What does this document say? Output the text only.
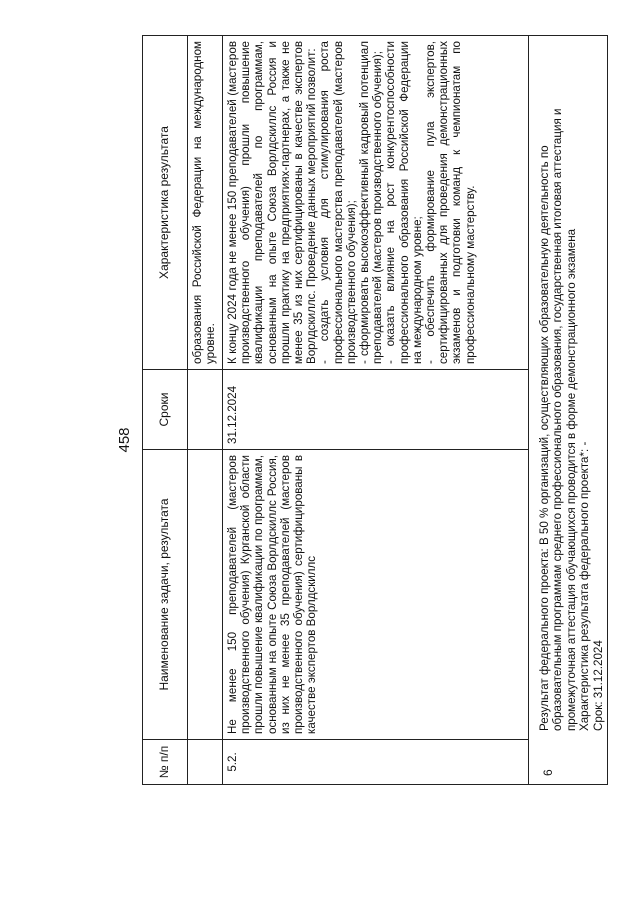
458
№ п/п
Наименование задачи, результата
Сроки
Характеристика результата	образования Российской Федерации на международном уровне.
5.2.
Не менее 150 преподавателей (мастеров производственного обучения) Курганской области прошли повышение квалификации по программам, основанным на опыте Союза Ворлдскиллс Россия, из них не менее 35 преподавателей (мастеров производственного обучения) сертифицированы в качестве экспертов Ворлдскиллс
31.12.2024
К концу 2024 года не менее 150 преподавателей (мастеров производственного обучения) прошли повышение квалификации преподавателей по программам, основанным на опыте Союза Ворлдскиллс Россия и прошли практику на предприятиях-партнерах, а также не менее 35 из них сертифицированы в качестве экспертов Ворлдскиллс. Проведение данных мероприятий позволит: - создать условия для стимулирования роста профессионального мастерства преподавателей (мастеров производственного обучения); - сформировать высокоэффективный кадровый потенциал преподавателей (мастеров производственного обучения); - оказать влияние на рост конкурентоспособности профессионального образования Российской Федерации на международном уровне; - обеспечить формирование пула экспертов, сертифицированных для проведения демонстрационных экзаменов и подготовки команд к чемпионатам по профессиональному мастерству.
6
Результат федерального проекта: В 50 % организаций, осуществляющих образовательную деятельность по образовательным программам среднего профессионального образования, государственная итоговая аттестация и промежуточная аттестация обучающихся проводится в форме демонстрационного экзамена Характеристика результата федерального проекта*: - Срок: 31.12.2024
